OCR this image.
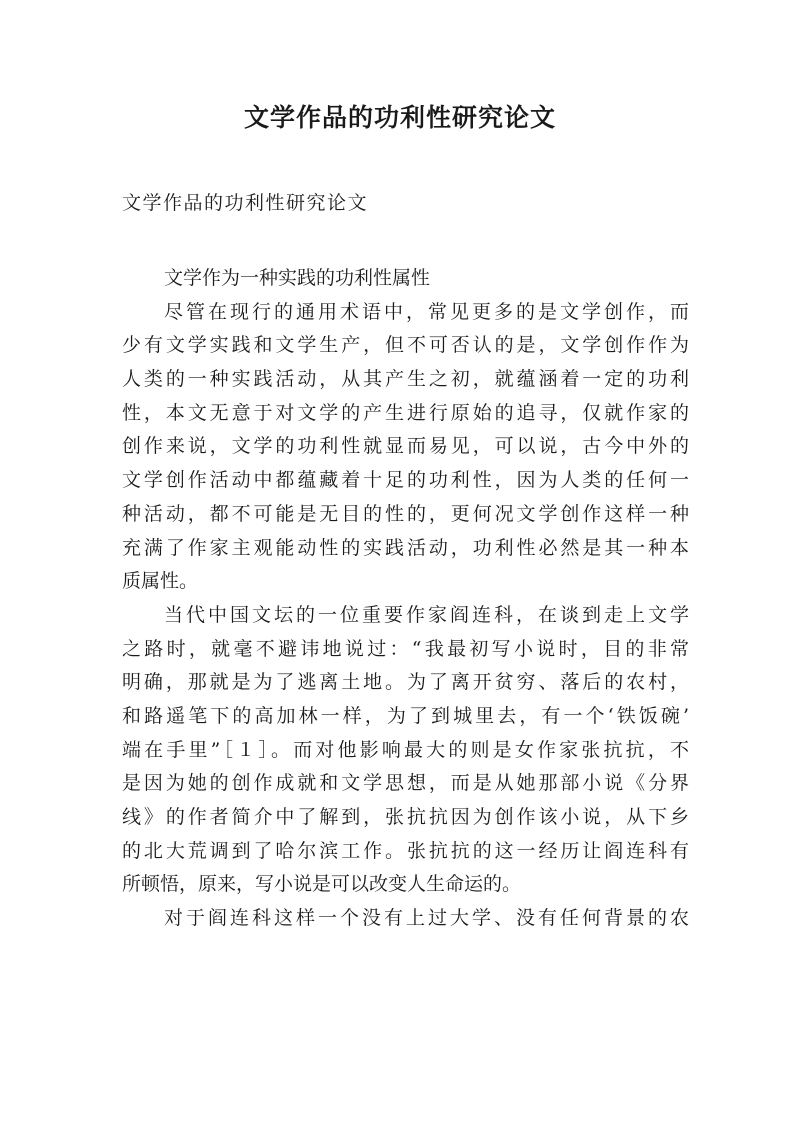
文学作品的功利性研究论文
文学作品的功利性研究论文
文学作为一种实践的功利性属性
尽管在现行的通用术语中，常见更多的是文学创作，而
少有文学实践和文学生产，但不可否认的是，文学创作作为
人类的一种实践活动，从其产生之初，就蕴涵着一定的功利
性，本文无意于对文学的产生进行原始的追寻，仅就作家的
创作来说，文学的功利性就显而易见，可以说，古今中外的
文学创作活动中都蕴藏着十足的功利性，因为人类的任何一
种活动，都不可能是无目的性的，更何况文学创作这样一种
充满了作家主观能动性的实践活动，功利性必然是其一种本
质属性。
当代中国文坛的一位重要作家阎连科，在谈到走上文学
之路时，就毫不避讳地说过：“我最初写小说时，目的非常
明确，那就是为了逃离土地。为了离开贫穷、落后的农村，
和路遥笔下的高加林一样，为了到城里去，有一个‘铁饭碗’
端在手里”［１］。而对他影响最大的则是女作家张抗抗，不
是因为她的创作成就和文学思想，而是从她那部小说《分界
线》的作者简介中了解到，张抗抗因为创作该小说，从下乡
的北大荒调到了哈尔滨工作。张抗抗的这一经历让阎连科有
所顿悟，原来，写小说是可以改变人生命运的。
对于阎连科这样一个没有上过大学、没有任何背景的农
